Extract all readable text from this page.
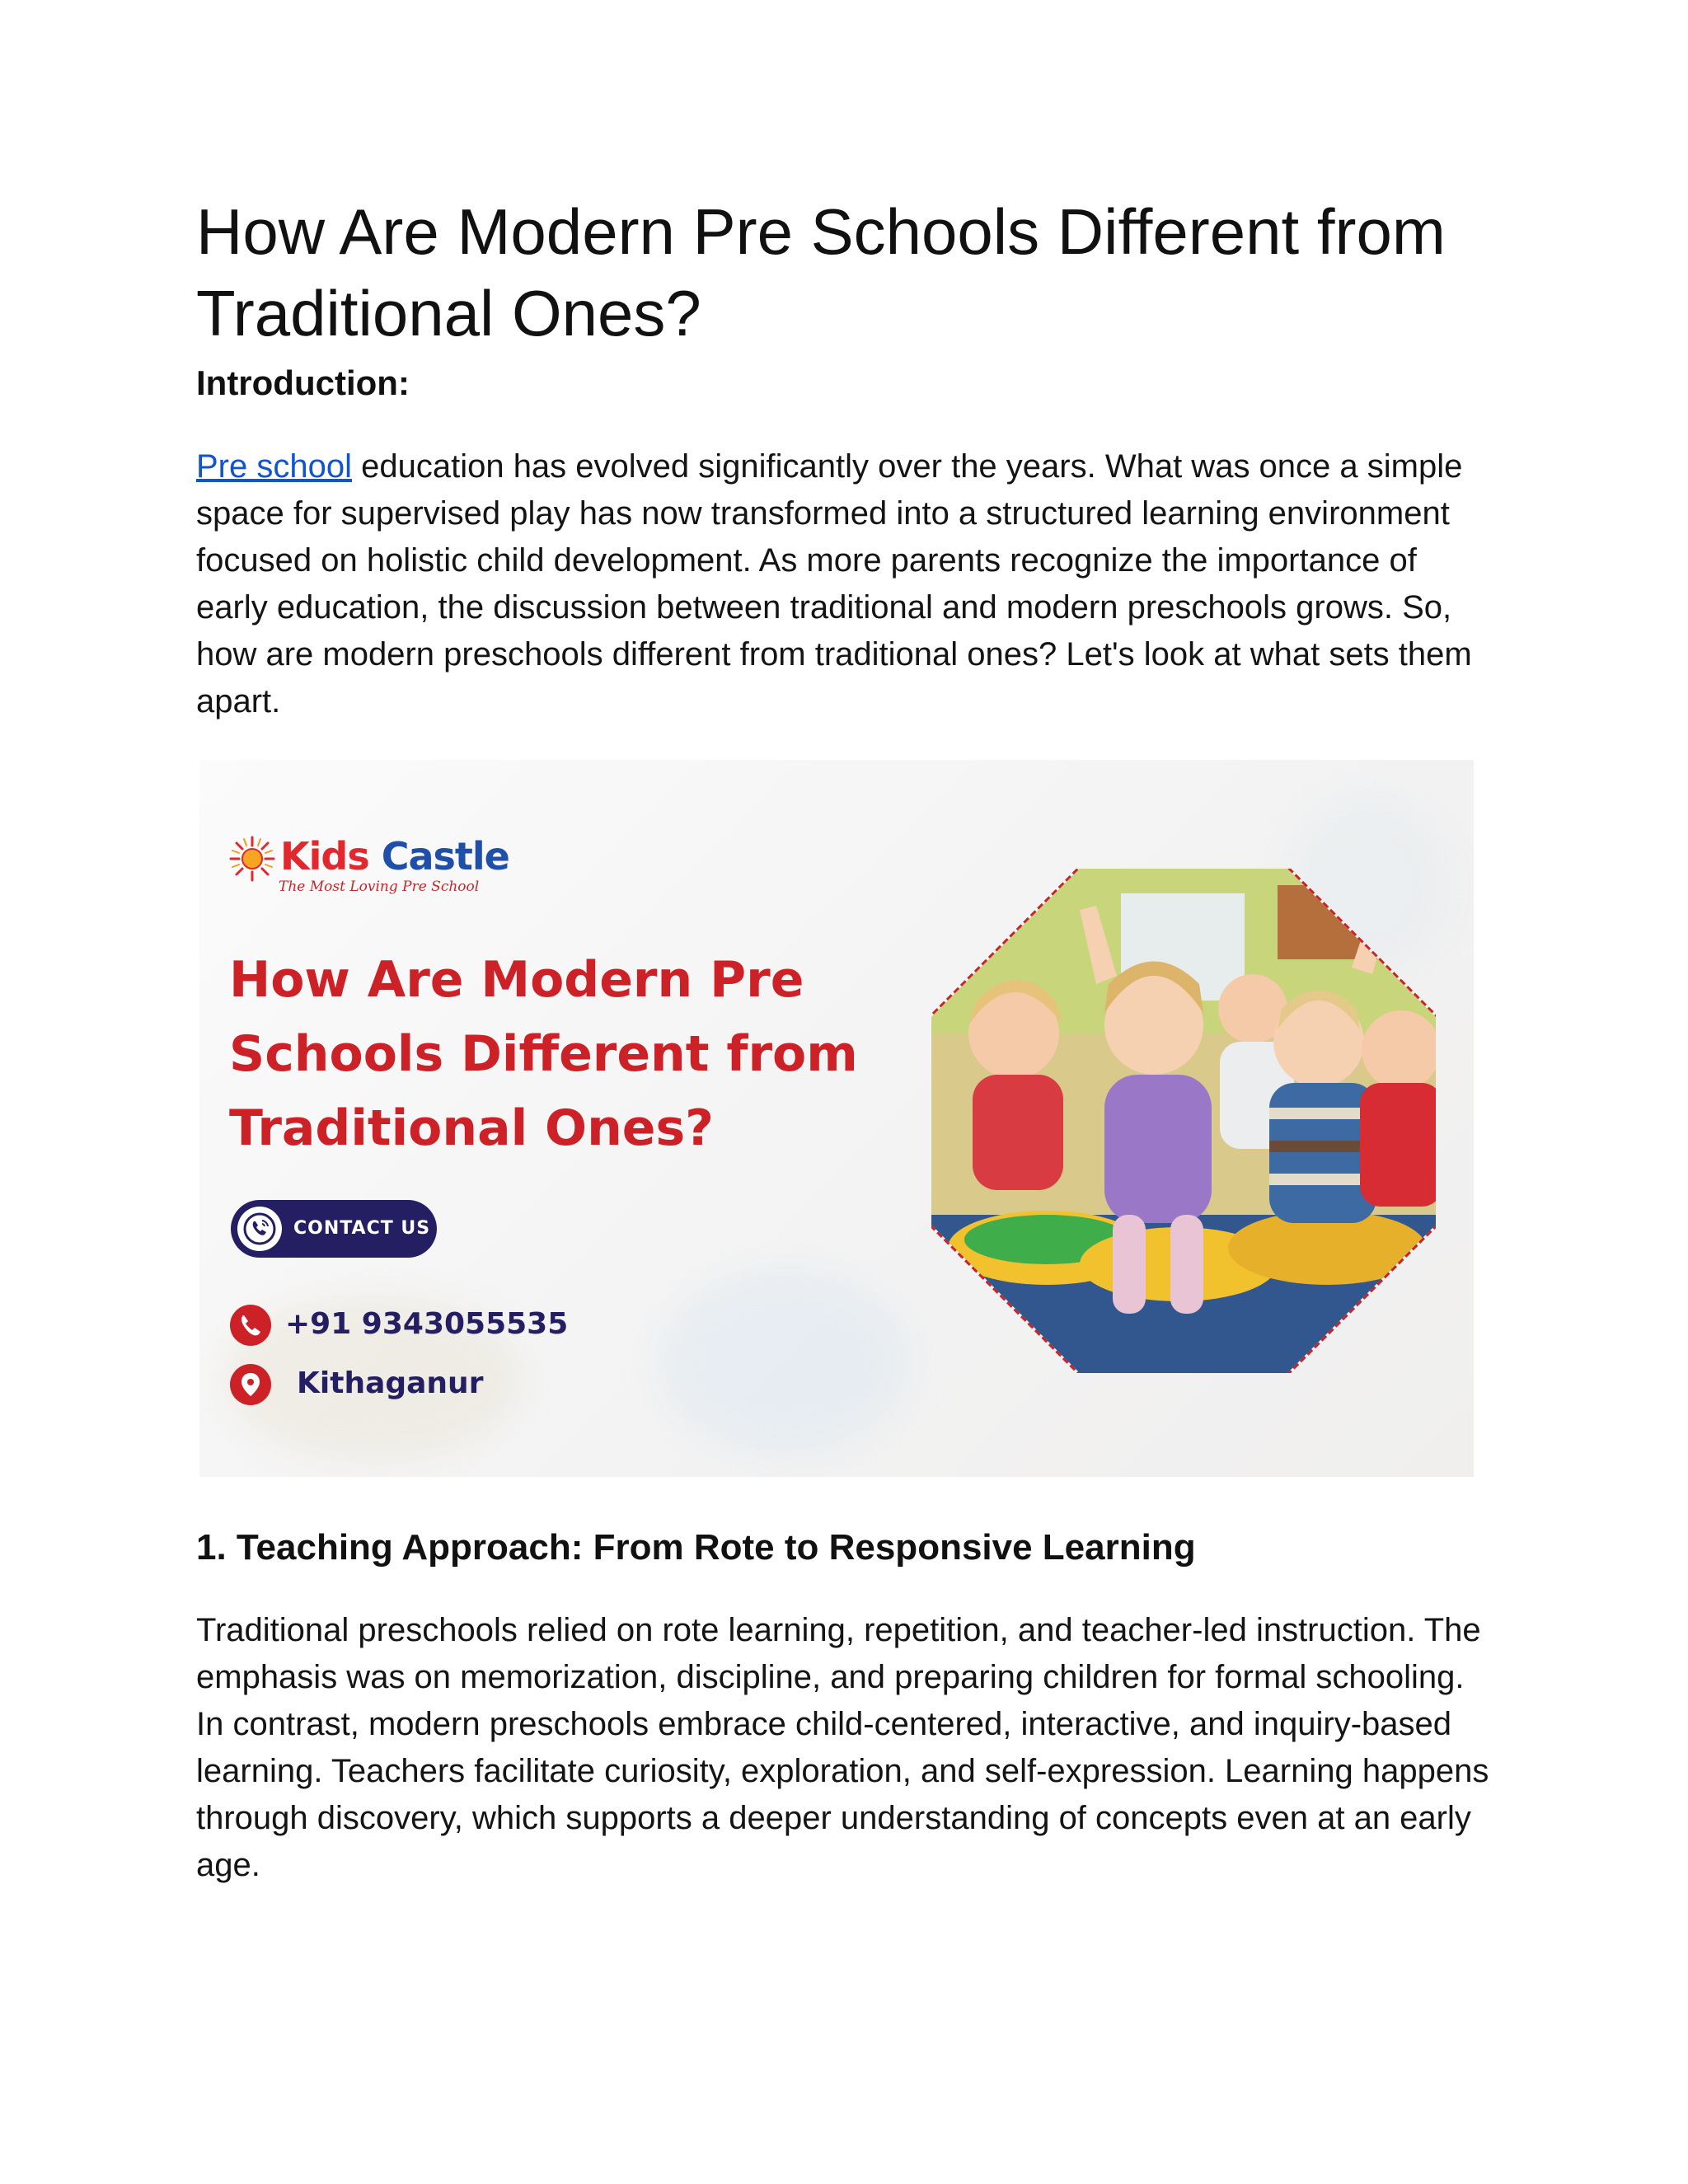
How Are Modern Pre Schools Different from Traditional Ones?
Introduction:

Pre school education has evolved significantly over the years. What was once a simple space for supervised play has now transformed into a structured learning environment focused on holistic child development. As more parents recognize the importance of early education, the discussion between traditional and modern preschools grows. So, how are modern preschools different from traditional ones? Let's look at what sets them apart.

1. Teaching Approach: From Rote to Responsive Learning

Traditional preschools relied on rote learning, repetition, and teacher-led instruction. The emphasis was on memorization, discipline, and preparing children for formal schooling. In contrast, modern preschools embrace child-centered, interactive, and inquiry-based learning. Teachers facilitate curiosity, exploration, and self-expression. Learning happens through discovery, which supports a deeper understanding of concepts even at an early age.

Kids Castle
The Most Loving Pre School
How Are Modern Pre
Schools Different from
Traditional Ones?
CONTACT US
+91 9343055535
Kithaganur
